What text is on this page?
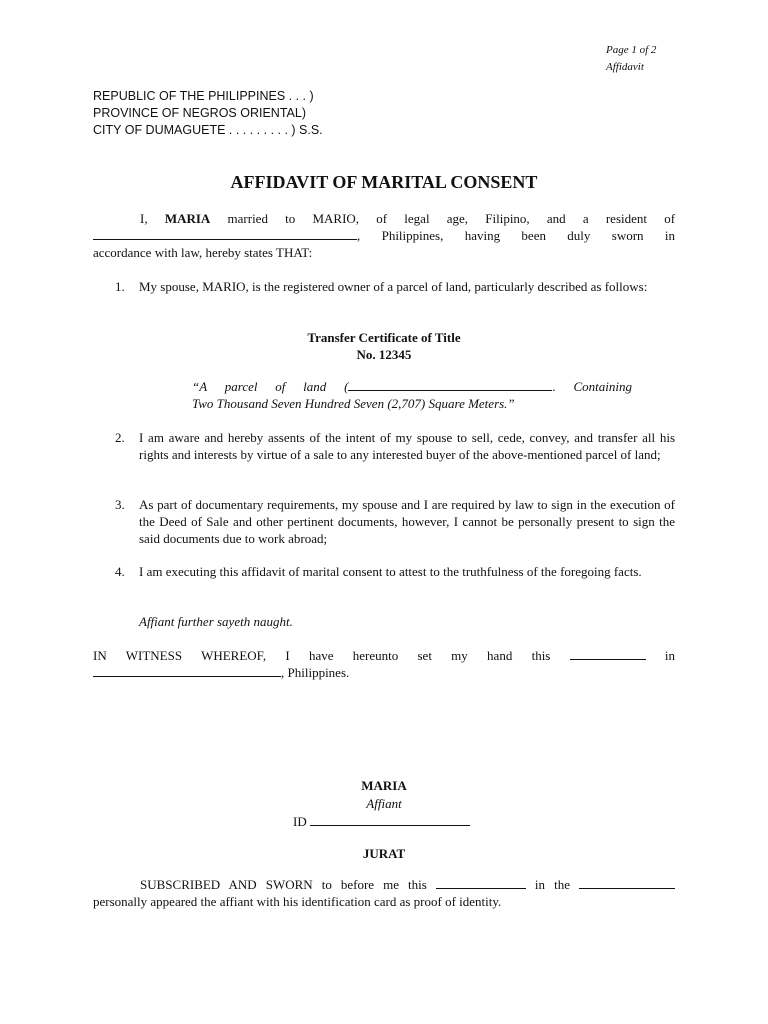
Page 1 of 2
Affidavit
REPUBLIC OF THE PHILIPPINES . . . )
PROVINCE OF NEGROS ORIENTAL)
CITY OF DUMAGUETE . . . . . . . . . ) S.S.
AFFIDAVIT OF MARITAL CONSENT
I, MARIA married to MARIO, of legal age, Filipino, and a resident of
, Philippines, having been duly sworn in
accordance with law, hereby states THAT:
1. My spouse, MARIO, is the registered owner of a parcel of land, particularly described as follows:
Transfer Certificate of Title
No. 12345
“A parcel of land (	. Containing
Two Thousand Seven Hundred Seven (2,707) Square Meters.”
2. I am aware and hereby assents of the intent of my spouse to sell, cede, convey, and transfer all his rights and interests by virtue of a sale to any interested buyer of the above-mentioned parcel of land;
3. As part of documentary requirements, my spouse and I are required by law to sign in the execution of the Deed of Sale and other pertinent documents, however, I cannot be personally present to sign the said documents due to work abroad;
4. I am executing this affidavit of marital consent to attest to the truthfulness of the foregoing facts.
Affiant further sayeth naught.
IN WITNESS WHEREOF, I have hereunto set my hand this	in
, Philippines.
MARIA
Affiant
ID
JURAT
SUBSCRIBED AND SWORN to before me this	in the
personally appeared the affiant with his identification card as proof of identity.
